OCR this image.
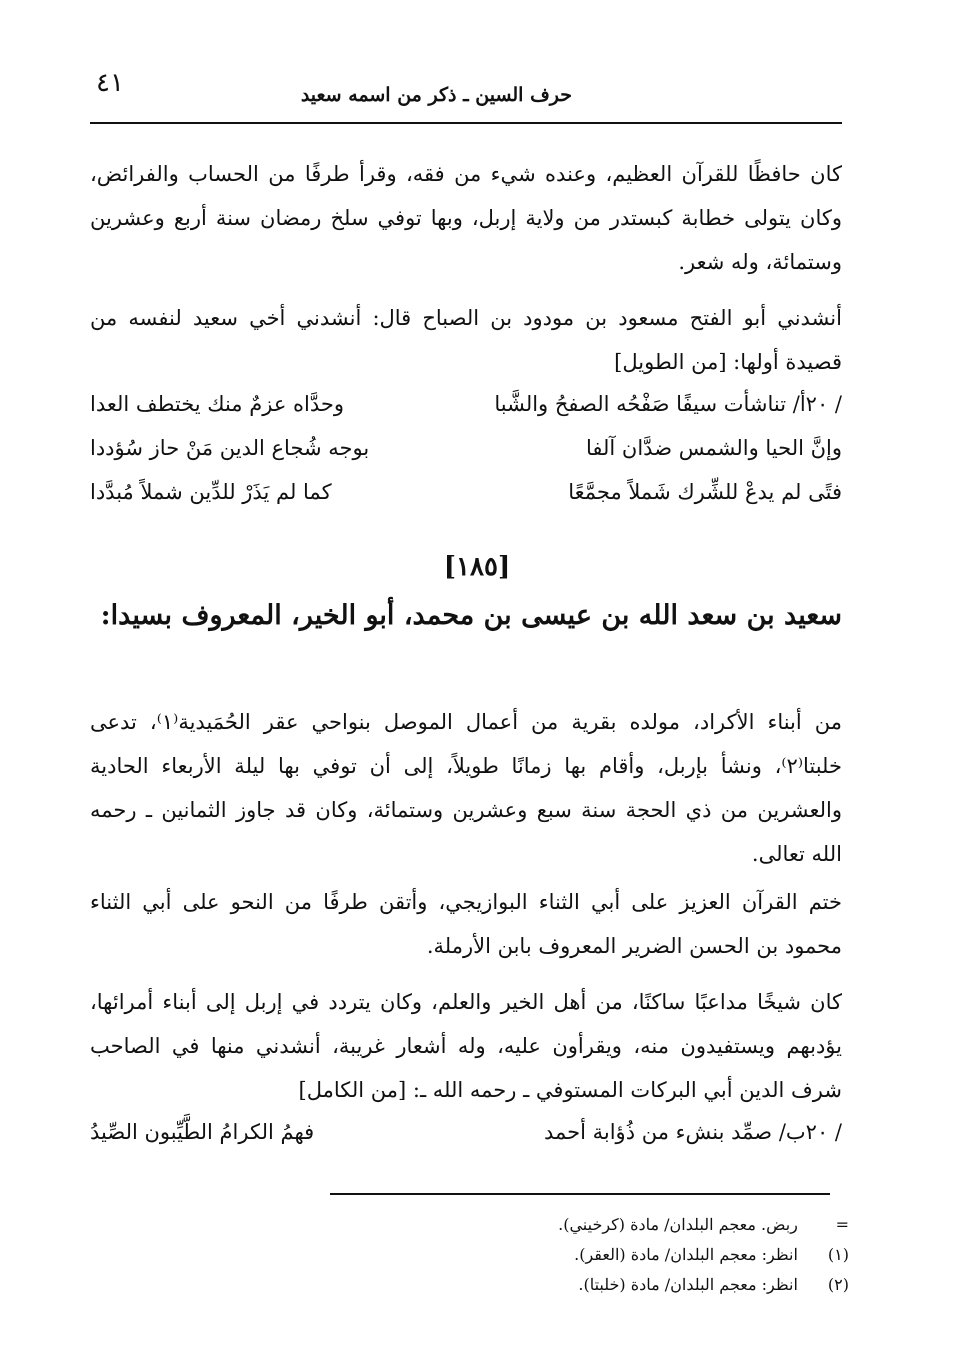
٤١	حرف السين ـ ذكر من اسمه سعيد
كان حافظًا للقرآن العظيم، وعنده شيء من فقه، وقرأ طرفًا من الحساب والفرائض، وكان يتولى خطابة كبستدر من ولاية إربل، وبها توفي سلخ رمضان سنة أربع وعشرين وستمائة، وله شعر.
أنشدني أبو الفتح مسعود بن مودود بن الصباح قال: أنشدني أخي سعيد لنفسه من قصيدة أولها: [من الطويل]
/ ٢٠أ/ تناشأت سيفًا صَفْحُه الصفحُ والشَّبا
وحدَّاه عزمٌ منك يختطف العدا
وإنَّ الحيا والشمس ضدَّان آلفا
بوجه شُجاع الدين مَنْ حاز سُؤددا
فتًى لم يدعْ للشِّرك شَملاً مجمَّعًا
كما لم يَذَرْ للدِّين شملاً مُبدَّدا
[١٨٥]
سعيد بن سعد الله بن عيسى بن محمد، أبو الخير، المعروف بسيدا:
من أبناء الأكراد، مولده بقرية من أعمال الموصل بنواحي عقر الحُمَيدية⁽١⁾، تدعى خلبتا⁽٢⁾، ونشأ بإربل، وأقام بها زمانًا طويلاً، إلى أن توفي بها ليلة الأربعاء الحادية والعشرين من ذي الحجة سنة سبع وعشرين وستمائة، وكان قد جاوز الثمانين ـ رحمه الله تعالى.
ختم القرآن العزيز على أبي الثناء البوازيجي، وأتقن طرفًا من النحو على أبي الثناء محمود بن الحسن الضرير المعروف بابن الأرملة.
كان شيخًا مداعبًا ساكنًا، من أهل الخير والعلم، وكان يتردد في إربل إلى أبناء أمرائها، يؤدبهم ويستفيدون منه، ويقرأون عليه، وله أشعار غريبة، أنشدني منها في الصاحب شرف الدين أبي البركات المستوفي ـ رحمه الله ـ: [من الكامل]
/ ٢٠ب/ صمِّد بنشء من ذُؤابة أحمد
فهمُ الكرامُ الطَّيِّبون الصِّيدُ
= ربض. معجم البلدان/ مادة (كرخيني).
(١) انظر: معجم البلدان/ مادة (العقر).
(٢) انظر: معجم البلدان/ مادة (خلبتا).
